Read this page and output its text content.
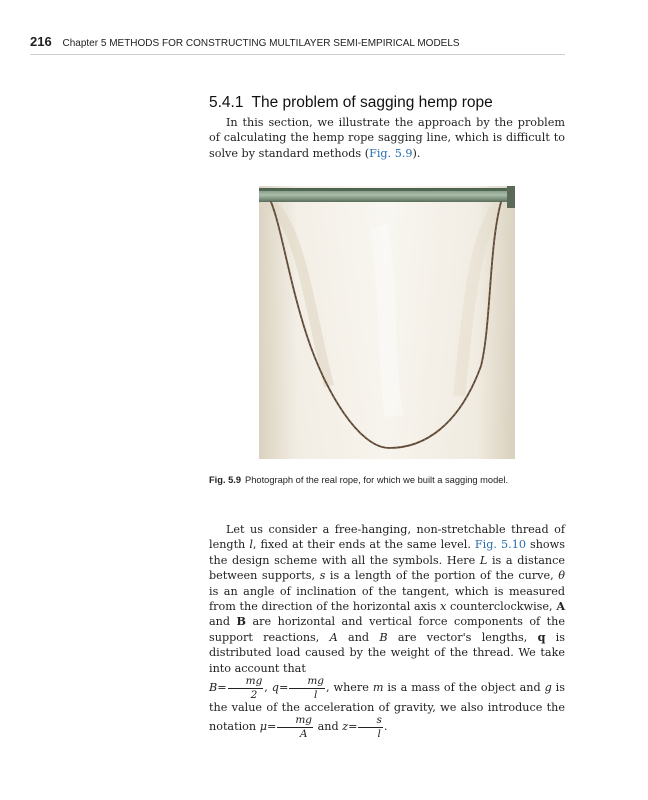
216 Chapter 5 METHODS FOR CONSTRUCTING MULTILAYER SEMI-EMPIRICAL MODELS
5.4.1 The problem of sagging hemp rope
In this section, we illustrate the approach by the problem of calculating the hemp rope sagging line, which is difficult to solve by standard methods (Fig. 5.9).
Fig. 5.9 Photograph of the real rope, for which we built a sagging model.
Let us consider a free-hanging, non-stretchable thread of length l, fixed at their ends at the same level. Fig. 5.10 shows the design scheme with all the symbols. Here L is a distance between supports, s is a length of the portion of the curve, θ is an angle of inclination of the tangent, which is measured from the direction of the horizontal axis x counterclockwise, A and B are horizontal and vertical force components of the support reactions, A and B are vector's lengths, q is distributed load caused by the weight of the thread. We take into account that
$B= \frac{mg}{2}$ , $q= \frac{mg}{l}$ , where m is a mass of the object and g is the value of the acceleration of gravity, we also introduce the notation $\mu= \frac{mg}{A}$ and $z= \frac{s}{l}$ .
